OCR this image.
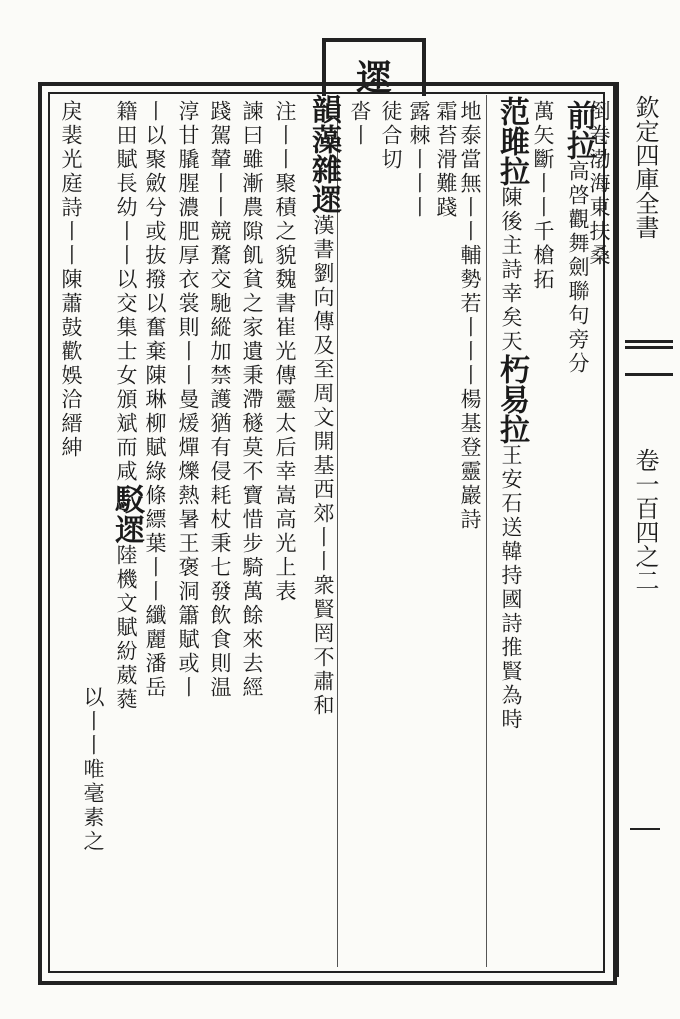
遝
欽定四庫全書
卷一百四之二
倒卷渤海東扶桑
前拉高啓觀舞劍聯句旁分
萬矢斷丨丨千槍拓
范雎拉陳後主詩幸矣天朽易拉王安石送韓持國詩推賢為時
地泰當無丨丨輔勢若丨丨丨楊基登靈巖詩
霜苔滑難踐
露棘丨丨丨
徒合切
沓丨
韻藻雜遝漢書劉向傳及至周文開基西郊丨丨衆賢罔不肅和
注丨丨聚積之貌魏書崔光傳靈太后幸嵩高光上表
諫曰雖漸農隙飢貧之家遺秉滯穟莫不寶惜步騎萬餘來去經
踐駕輦丨丨競騖交馳縱加禁護猶有侵耗杖秉七發飲食則温
淳甘膬腥濃肥厚衣裳則丨丨曼煖燀爍熱暑王褒洞簫賦或丨
丨以聚斂兮或抜撥以奮棄陳琳柳賦綠條縹葉丨丨纖麗潘岳
籍田賦長幼丨丨以交集士女頒斌而咸駁遝陸機文賦紛葳蕤
以丨丨唯毫素之
戾裴光庭詩丨丨陳蕭鼓歡娛洽縉紳
